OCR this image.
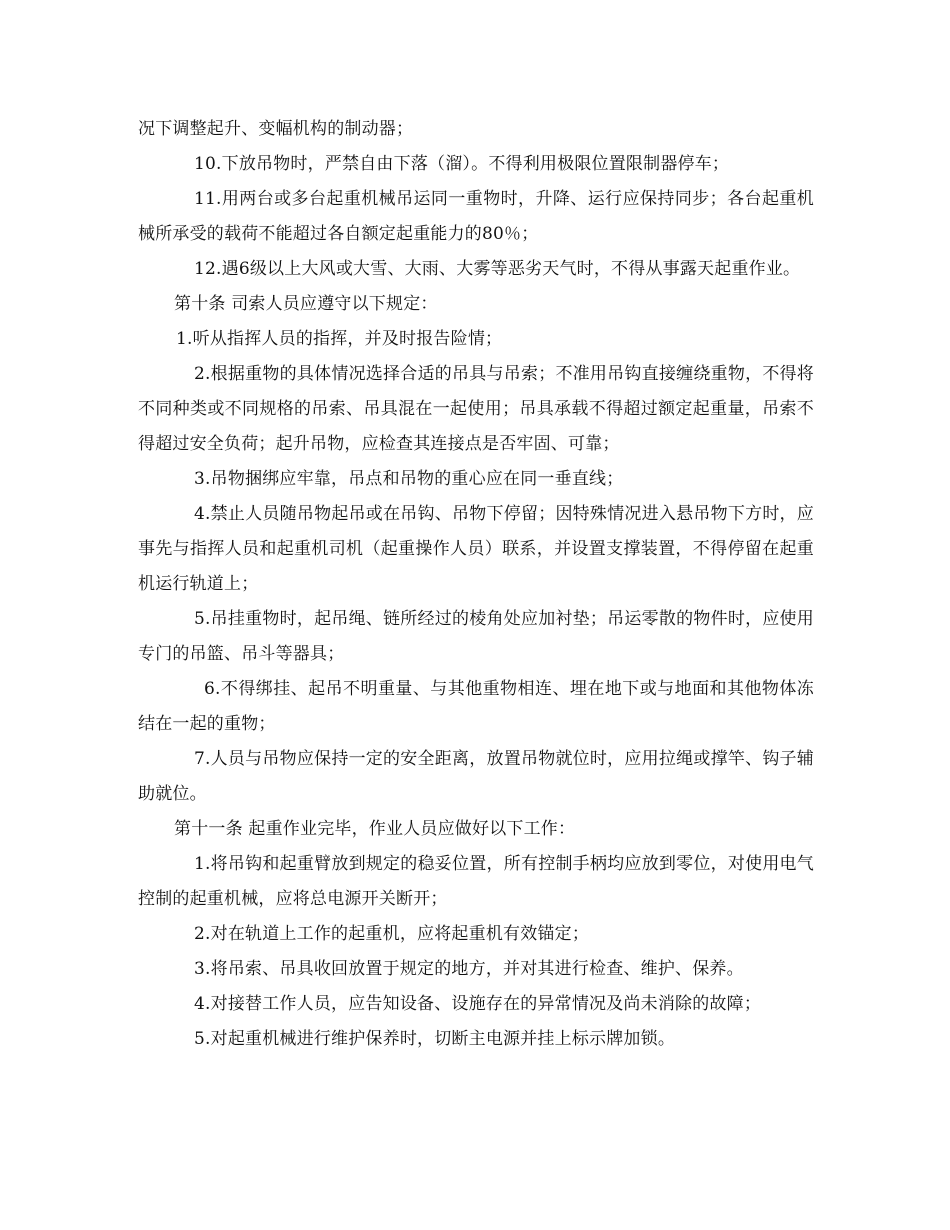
况下调整起升、变幅机构的制动器；

10.下放吊物时，严禁自由下落（溜）。不得利用极限位置限制器停车；

11.用两台或多台起重机械吊运同一重物时，升降、运行应保持同步；各台起重机械所承受的载荷不能超过各自额定起重能力的80％；

12.遇6级以上大风或大雪、大雨、大雾等恶劣天气时，不得从事露天起重作业。

第十条 司索人员应遵守以下规定：

1.听从指挥人员的指挥，并及时报告险情；

2.根据重物的具体情况选择合适的吊具与吊索；不准用吊钩直接缠绕重物，不得将不同种类或不同规格的吊索、吊具混在一起使用；吊具承载不得超过额定起重量，吊索不得超过安全负荷；起升吊物，应检查其连接点是否牢固、可靠；

3.吊物捆绑应牢靠，吊点和吊物的重心应在同一垂直线；

4.禁止人员随吊物起吊或在吊钩、吊物下停留；因特殊情况进入悬吊物下方时，应事先与指挥人员和起重机司机（起重操作人员）联系，并设置支撑装置，不得停留在起重机运行轨道上；

5.吊挂重物时，起吊绳、链所经过的棱角处应加衬垫；吊运零散的物件时，应使用专门的吊篮、吊斗等器具；

6.不得绑挂、起吊不明重量、与其他重物相连、埋在地下或与地面和其他物体冻结在一起的重物；

7.人员与吊物应保持一定的安全距离，放置吊物就位时，应用拉绳或撑竿、钩子辅助就位。

第十一条 起重作业完毕，作业人员应做好以下工作：

1.将吊钩和起重臂放到规定的稳妥位置，所有控制手柄均应放到零位，对使用电气控制的起重机械，应将总电源开关断开；

2.对在轨道上工作的起重机，应将起重机有效锚定；

3.将吊索、吊具收回放置于规定的地方，并对其进行检查、维护、保养。

4.对接替工作人员，应告知设备、设施存在的异常情况及尚未消除的故障；

5.对起重机械进行维护保养时，切断主电源并挂上标示牌加锁。
